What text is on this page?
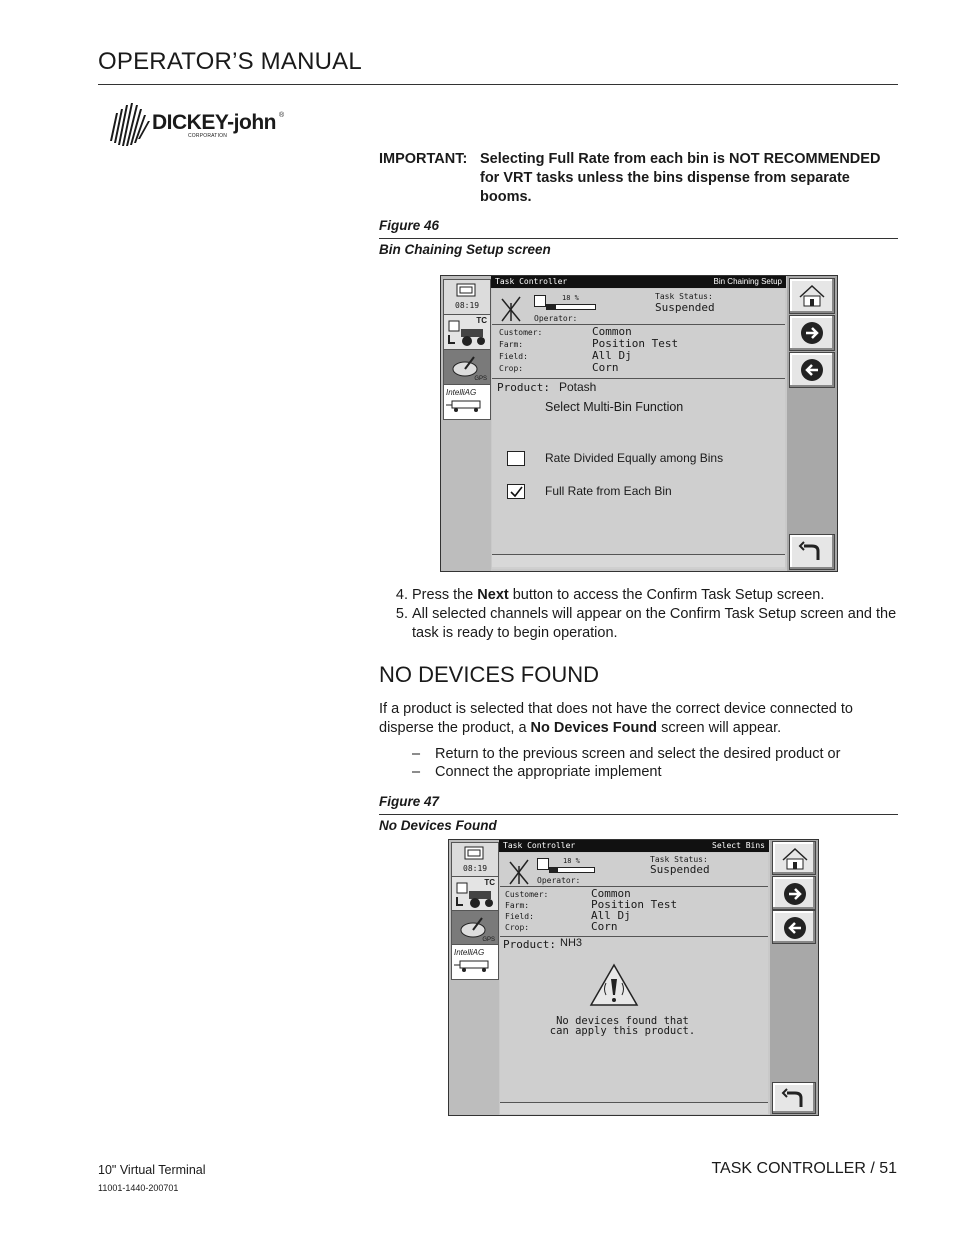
OPERATOR’S MANUAL
DICKEY-john ®
CORPORATION
IMPORTANT: Selecting Full Rate from each bin is NOT RECOMMENDED for VRT tasks unless the bins dispense from separate booms.
Figure 46
Bin Chaining Setup screen
08:19
TC
GPS
IntelliAG
Task Controller	Bin Chaining Setup
18 %
Operator:
Task Status:
Suspended
Customer:	Common
Farm:	Position Test
Field:	All Dj
Crop:	Corn
Product: Potash
Select Multi-Bin Function
Rate Divided Equally among Bins
Full Rate from Each Bin
4. Press the Next button to access the Confirm Task Setup screen.
5. All selected channels will appear on the Confirm Task Setup screen and the task is ready to begin operation.
NO DEVICES FOUND
If a product is selected that does not have the correct device connected to disperse the product, a No Devices Found screen will appear.
– Return to the previous screen and select the desired product or
– Connect the appropriate implement
Figure 47
No Devices Found
08:19
TC
GPS
IntelliAG
Task Controller	Select Bins
18 %
Operator:
Task Status:
Suspended
Customer:	Common
Farm:	Position Test
Field:	All Dj
Crop:	Corn
Product: NH3
No devices found that
can apply this product.
10" Virtual Terminal
11001-1440-200701
TASK CONTROLLER / 51
